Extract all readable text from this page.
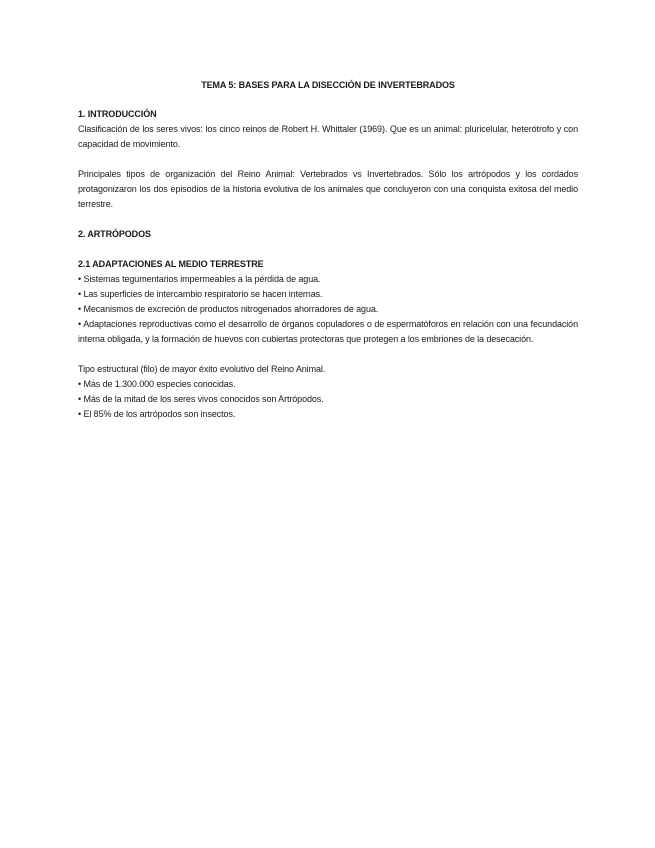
TEMA 5: BASES PARA LA DISECCIÓN DE INVERTEBRADOS

1. INTRODUCCIÓN

Clasificación de los seres vivos: los cinco reinos de Robert H. Whittaler (1969). Que es un animal: pluricelular, heterótrofo y con capacidad de movimiento.

Principales tipos de organización del Reino Animal: Vertebrados vs Invertebrados. Sólo los artrópodos y los cordados protagonizaron los dos episodios de la historia evolutiva de los animales que concluyeron con una conquista exitosa del medio terrestre.

2. ARTRÓPODOS

2.1 ADAPTACIONES AL MEDIO TERRESTRE

• Sistemas tegumentarios impermeables a la pérdida de agua.
• Las superficies de intercambio respiratorio se hacen internas.
• Mecanismos de excreción de productos nitrogenados ahorradores de agua.
• Adaptaciones reproductivas como el desarrollo de órganos copuladores o de espermatóforos en relación con una fecundación interna obligada, y la formación de huevos con cubiertas protectoras que protegen a los embriones de la desecación.

Tipo estructural (filo) de mayor éxito evolutivo del Reino Animal.

• Más de 1.300.000 especies conocidas.
• Más de la mitad de los seres vivos conocidos son Artrópodos.
• El 85% de los artrópodos son insectos.
